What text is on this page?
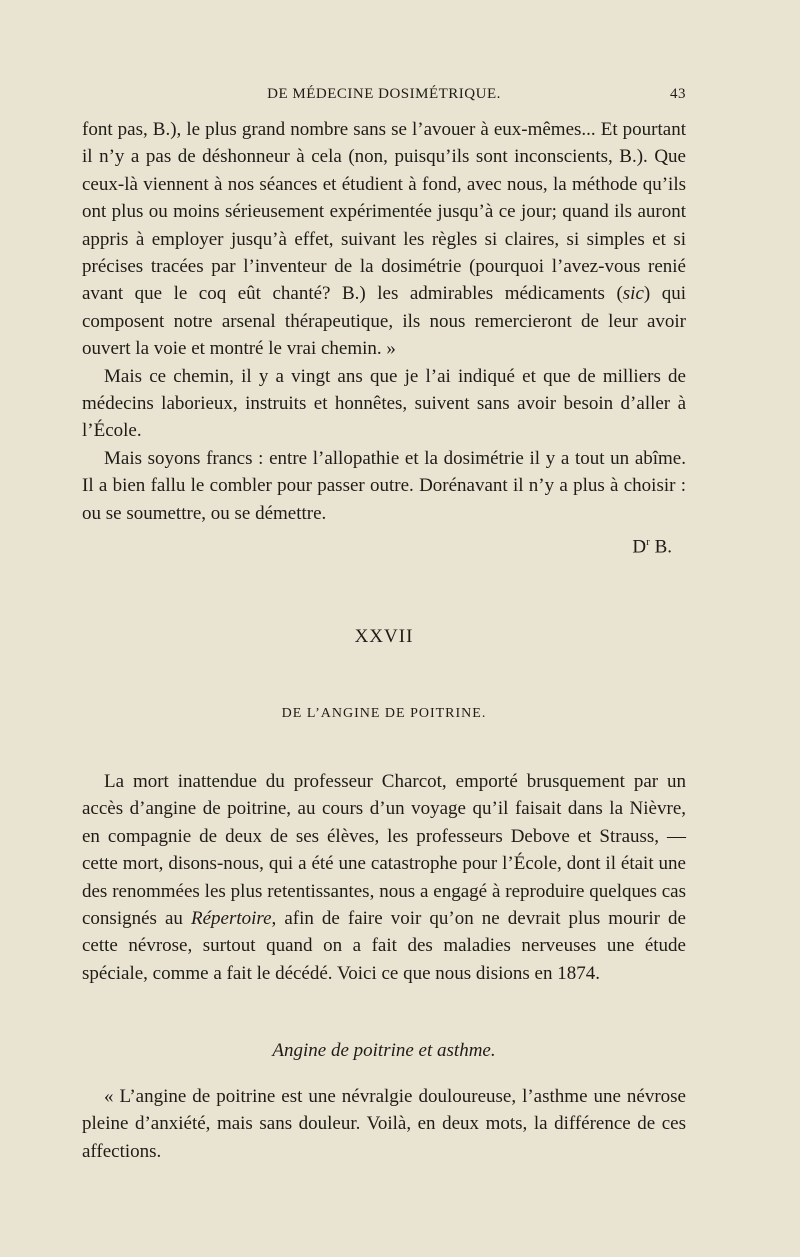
DE MÉDECINE DOSIMÉTRIQUE.	43

font pas, B.), le plus grand nombre sans se l’avouer à eux-mêmes... Et pourtant il n’y a pas de déshonneur à cela (non, puisqu’ils sont inconscients, B.). Que ceux-là viennent à nos séances et étudient à fond, avec nous, la méthode qu’ils ont plus ou moins sérieusement expérimentée jusqu’à ce jour; quand ils auront appris à employer jusqu’à effet, suivant les règles si claires, si simples et si précises tracées par l’inventeur de la dosimétrie (pourquoi l’avez-vous renié avant que le coq eût chanté? B.) les admirables médicaments (sic) qui composent notre arsenal thérapeutique, ils nous remercieront de leur avoir ouvert la voie et montré le vrai chemin. »

Mais ce chemin, il y a vingt ans que je l’ai indiqué et que de milliers de médecins laborieux, instruits et honnêtes, suivent sans avoir besoin d’aller à l’École.

Mais soyons francs : entre l’allopathie et la dosimétrie il y a tout un abîme. Il a bien fallu le combler pour passer outre. Dorénavant il n’y a plus à choisir : ou se soumettre, ou se démettre.

$D^r$ B.
XXVII
DE L’ANGINE DE POITRINE.

La mort inattendue du professeur Charcot, emporté brusquement par un accès d’angine de poitrine, au cours d’un voyage qu’il faisait dans la Nièvre, en compagnie de deux de ses élèves, les professeurs Debove et Strauss, — cette mort, disons-nous, qui a été une catastrophe pour l’École, dont il était une des renommées les plus retentissantes, nous a engagé à reproduire quelques cas consignés au Répertoire, afin de faire voir qu’on ne devrait plus mourir de cette névrose, surtout quand on a fait des maladies nerveuses une étude spéciale, comme a fait le décédé. Voici ce que nous disions en 1874.

Angine de poitrine et asthme.

« L’angine de poitrine est une névralgie douloureuse, l’asthme une névrose pleine d’anxiété, mais sans douleur. Voilà, en deux mots, la différence de ces affections.
